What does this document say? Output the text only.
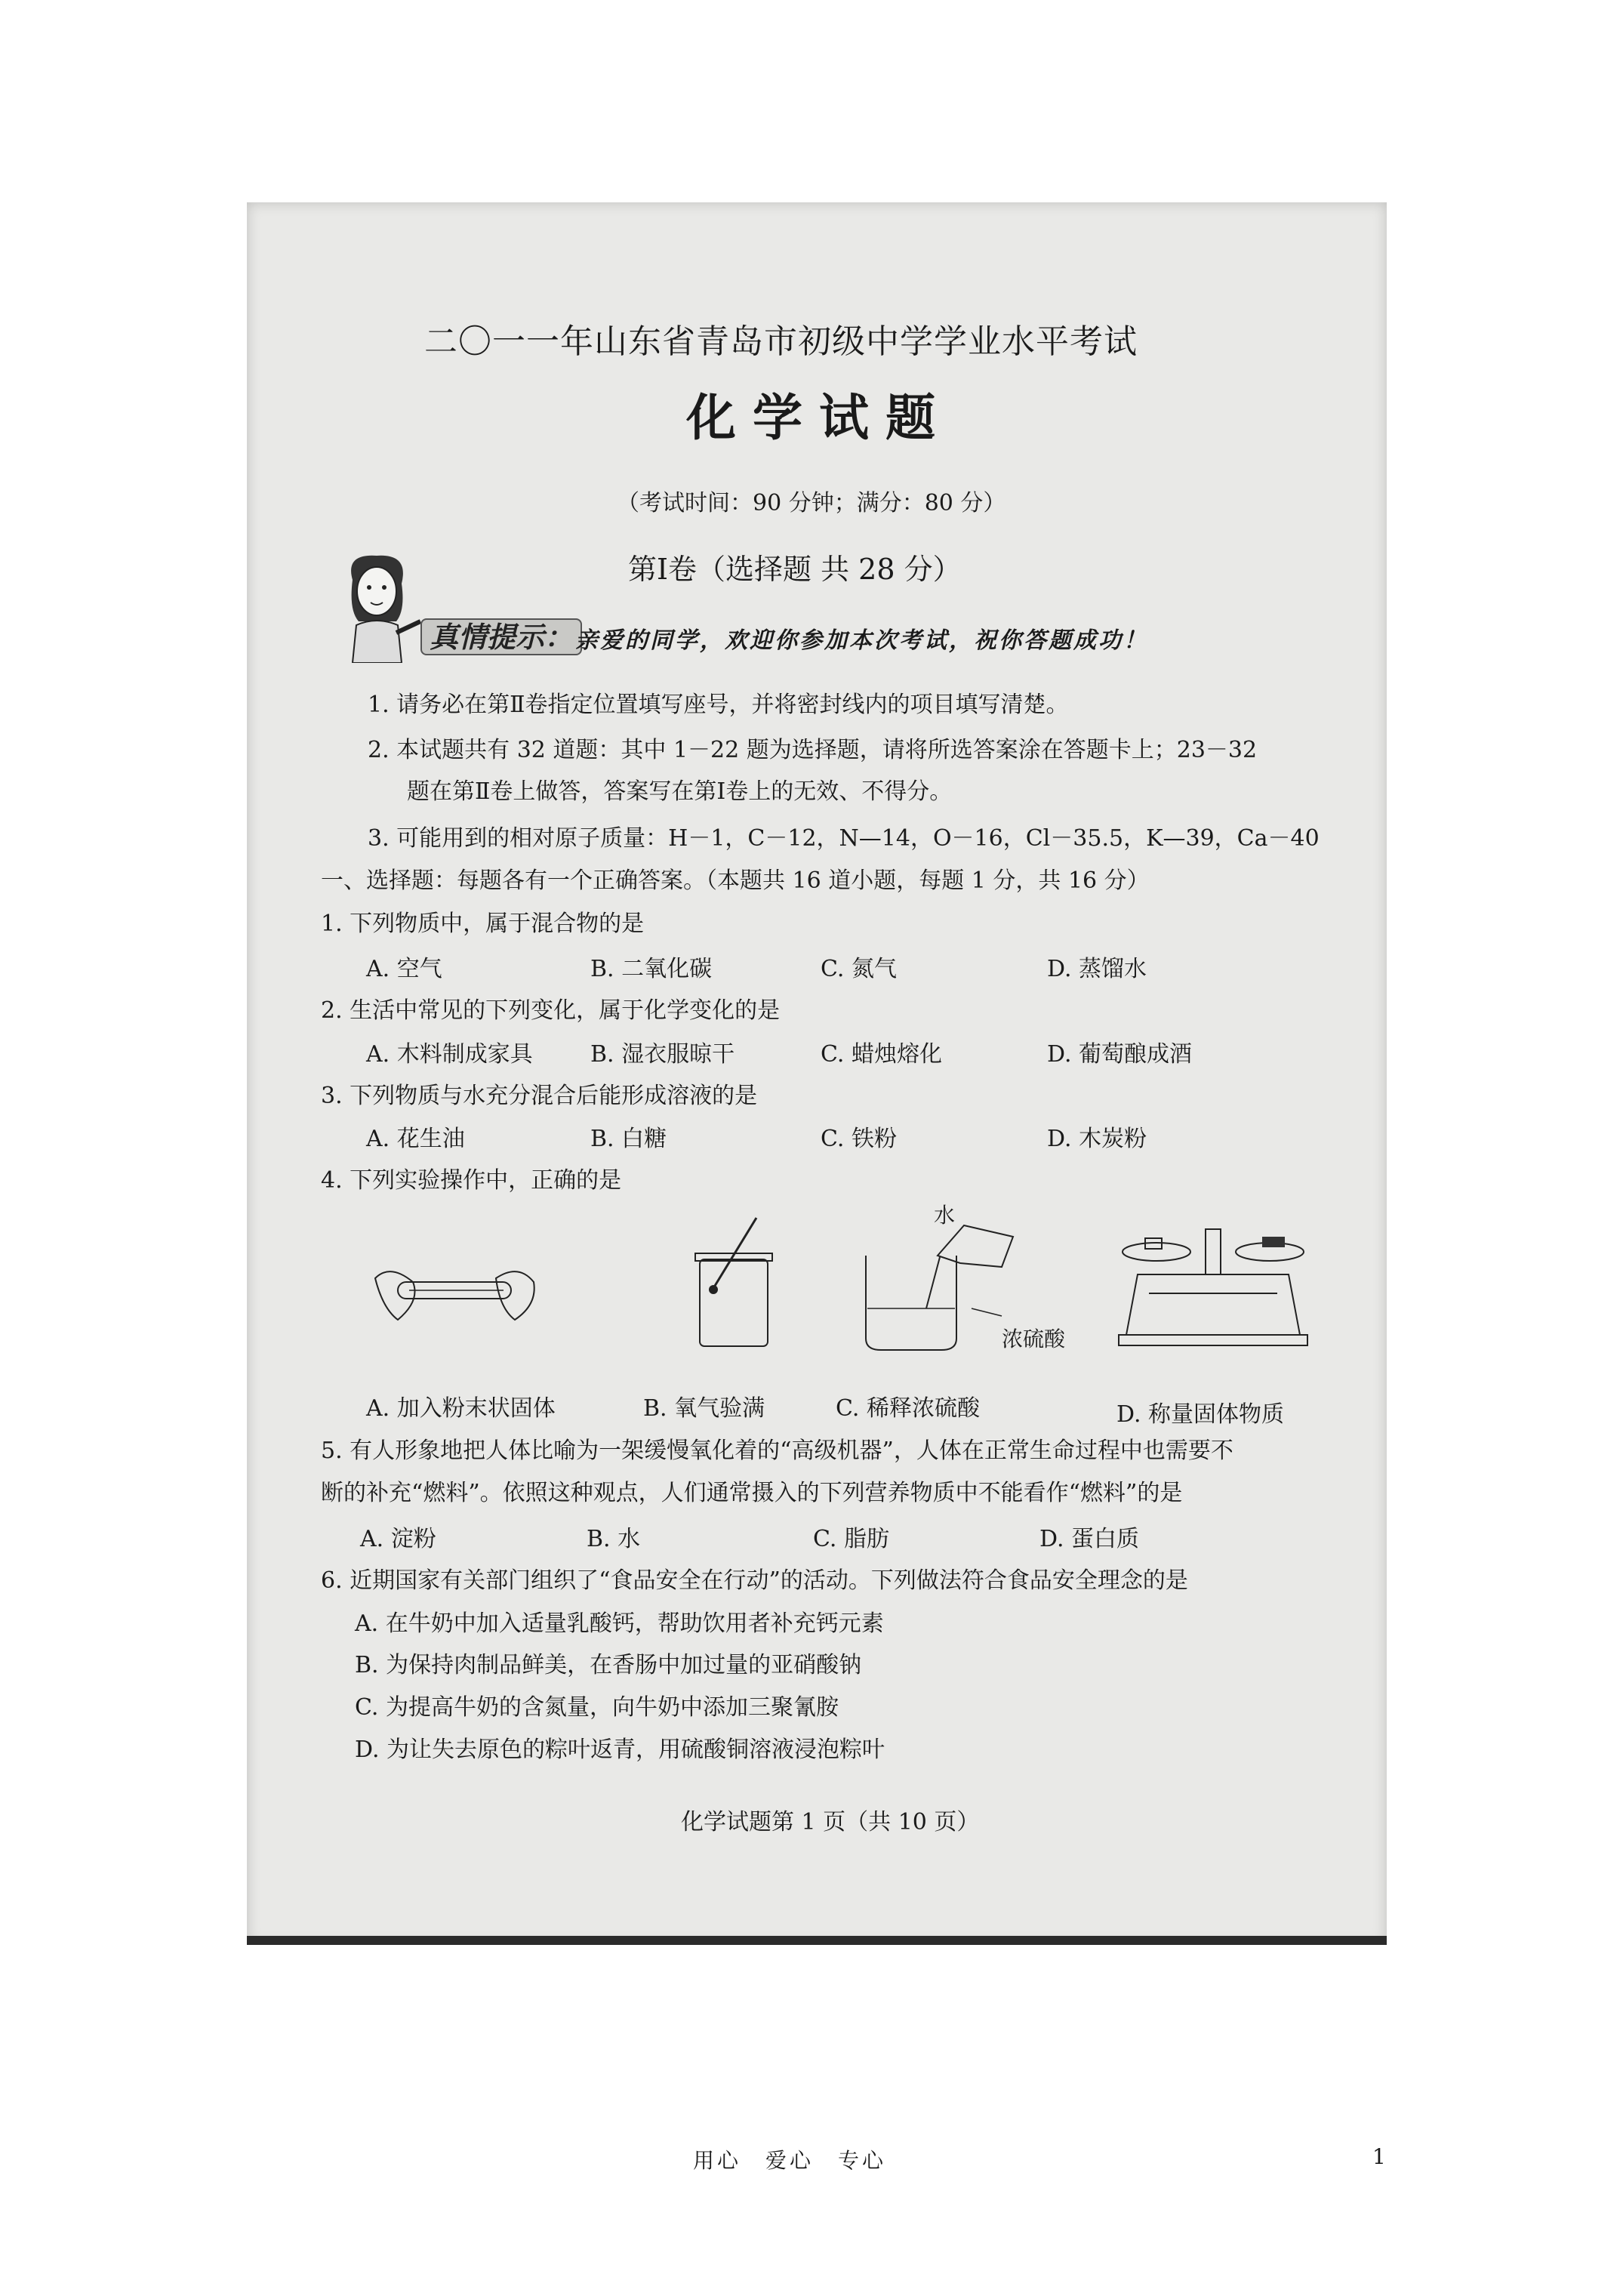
二〇一一年山东省青岛市初级中学学业水平考试
化学试题
（考试时间：90 分钟；满分：80 分）
第Ⅰ卷（选择题 共 28 分）
真情提示： 亲爱的同学，欢迎你参加本次考试，祝你答题成功！
1. 请务必在第Ⅱ卷指定位置填写座号，并将密封线内的项目填写清楚。
2. 本试题共有 32 道题：其中 1－22 题为选择题，请将所选答案涂在答题卡上；23－32
题在第Ⅱ卷上做答，答案写在第Ⅰ卷上的无效、不得分。
3. 可能用到的相对原子质量：H－1，C－12，N—14，O－16，Cl－35.5，K—39，Ca－40
一、选择题：每题各有一个正确答案。（本题共 16 道小题，每题 1 分，共 16 分）
1. 下列物质中，属于混合物的是
A. 空气	B. 二氧化碳	C. 氮气	D. 蒸馏水
2. 生活中常见的下列变化，属于化学变化的是
A. 木料制成家具	B. 湿衣服晾干	C. 蜡烛熔化	D. 葡萄酿成酒
3. 下列物质与水充分混合后能形成溶液的是
A. 花生油	B. 白糖	C. 铁粉	D. 木炭粉
4. 下列实验操作中，正确的是
水
浓硫酸
A. 加入粉末状固体	B. 氧气验满	C. 稀释浓硫酸	D. 称量固体物质
5. 有人形象地把人体比喻为一架缓慢氧化着的“高级机器”，人体在正常生命过程中也需要不
断的补充“燃料”。依照这种观点，人们通常摄入的下列营养物质中不能看作“燃料”的是
A. 淀粉	B. 水	C. 脂肪	D. 蛋白质
6. 近期国家有关部门组织了“食品安全在行动”的活动。下列做法符合食品安全理念的是
A. 在牛奶中加入适量乳酸钙，帮助饮用者补充钙元素
B. 为保持肉制品鲜美，在香肠中加过量的亚硝酸钠
C. 为提高牛奶的含氮量，向牛奶中添加三聚氰胺
D. 为让失去原色的粽叶返青，用硫酸铜溶液浸泡粽叶
化学试题第 1 页（共 10 页）
用心　爱心　专心	1
